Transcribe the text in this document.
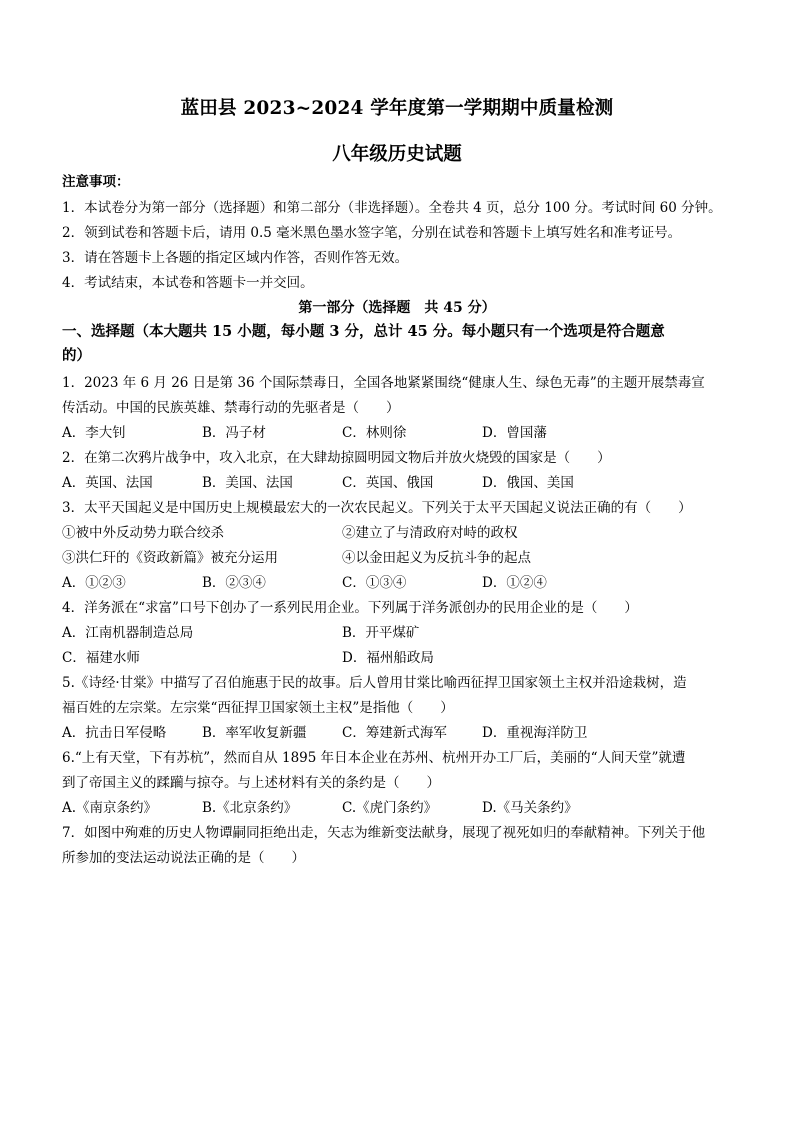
蓝田县 2023~2024 学年度第一学期期中质量检测
八年级历史试题
注意事项：
1．本试卷分为第一部分（选择题）和第二部分（非选择题）。全卷共 4 页，总分 100 分。考试时间 60 分钟。
2．领到试卷和答题卡后，请用 0.5 毫米黑色墨水签字笔，分别在试卷和答题卡上填写姓名和准考证号。
3．请在答题卡上各题的指定区域内作答，否则作答无效。
4．考试结束，本试卷和答题卡一并交回。
第一部分（选择题　共 45 分）
一、选择题（本大题共 15 小题，每小题 3 分，总计 45 分。每小题只有一个选项是符合题意
的）
1．2023 年 6 月 26 日是第 36 个国际禁毒日，全国各地紧紧围绕“健康人生、绿色无毒”的主题开展禁毒宣
传活动。中国的民族英雄、禁毒行动的先驱者是（　　）
A．李大钊	B．冯子材	C．林则徐	D．曾国藩
2．在第二次鸦片战争中，攻入北京，在大肆劫掠圆明园文物后并放火烧毁的国家是（　　）
A．英国、法国	B．美国、法国	C．英国、俄国	D．俄国、美国
3．太平天国起义是中国历史上规模最宏大的一次农民起义。下列关于太平天国起义说法正确的有（　　）
①被中外反动势力联合绞杀	②建立了与清政府对峙的政权
③洪仁玕的《资政新篇》被充分运用	④以金田起义为反抗斗争的起点
A．①②③	B．②③④	C．①③④	D．①②④
4．洋务派在“求富”口号下创办了一系列民用企业。下列属于洋务派创办的民用企业的是（　　）
A．江南机器制造总局	B．开平煤矿
C．福建水师	D．福州船政局
5.《诗经·甘棠》中描写了召伯施惠于民的故事。后人曾用甘棠比喻西征捍卫国家领土主权并沿途栽树，造
福百姓的左宗棠。左宗棠“西征捍卫国家领土主权”是指他（　　）
A．抗击日军侵略	B．率军收复新疆	C．筹建新式海军	D．重视海洋防卫
6.“上有天堂，下有苏杭”，然而自从 1895 年日本企业在苏州、杭州开办工厂后，美丽的“人间天堂”就遭
到了帝国主义的蹂躏与掠夺。与上述材料有关的条约是（　　）
A.《南京条约》	B.《北京条约》	C.《虎门条约》	D.《马关条约》
7．如图中殉难的历史人物谭嗣同拒绝出走，矢志为维新变法献身，展现了视死如归的奉献精神。下列关于他
所参加的变法运动说法正确的是（　　）
